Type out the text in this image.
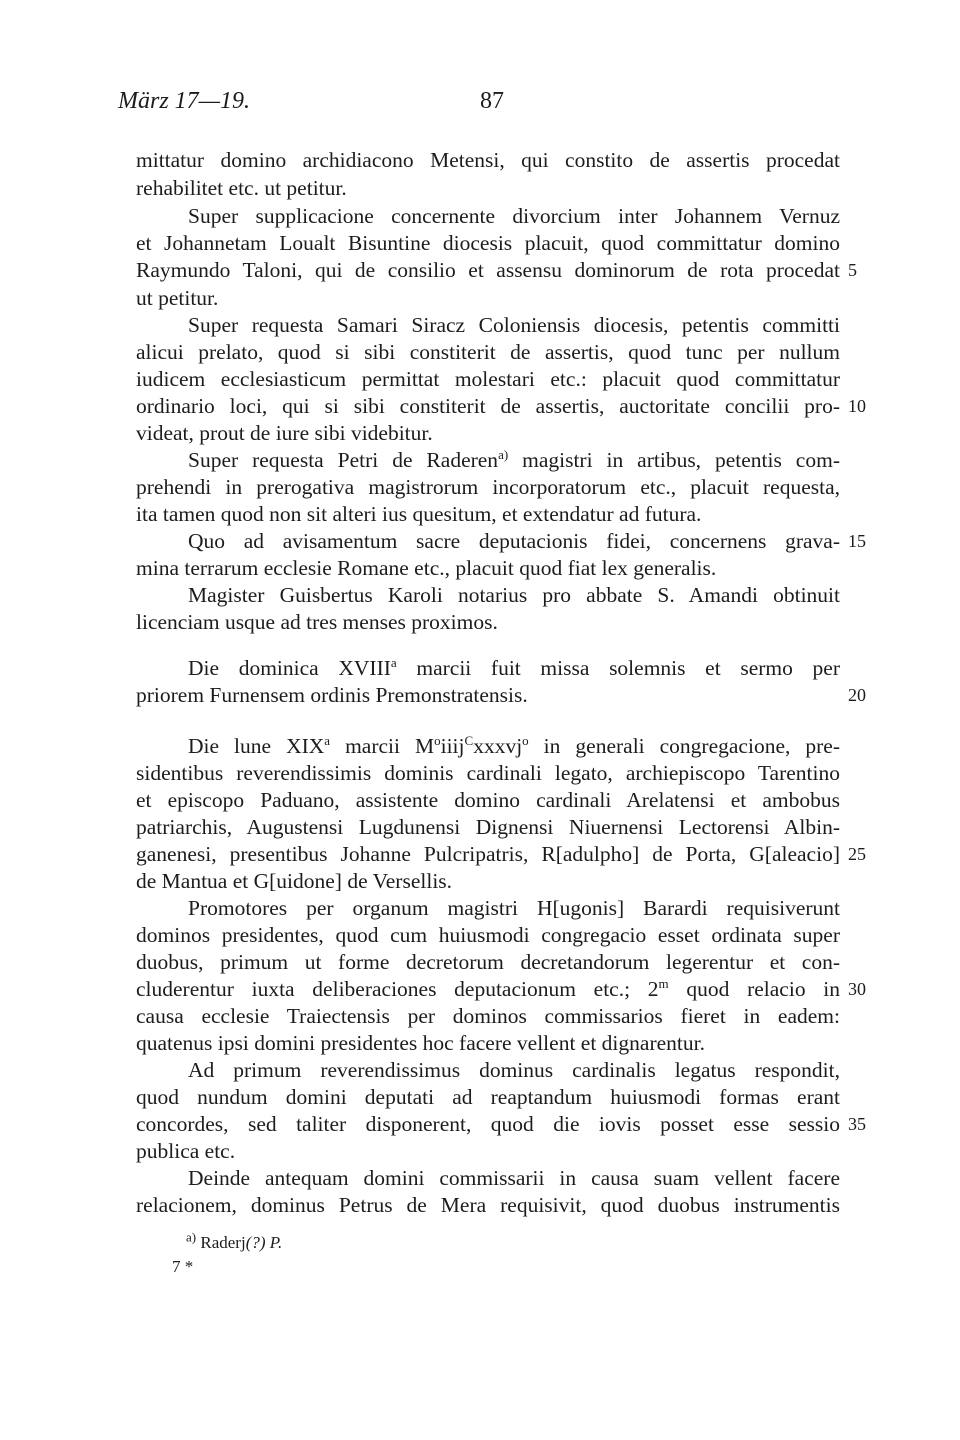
März 17—19.	87
mittatur domino archidiacono Metensi, qui constito de assertis procedat
rehabilitet etc. ut petitur.
Super supplicacione concernente divorcium inter Johannem Vernuz
et Johannetam Loualt Bisuntine diocesis placuit, quod committatur domino
Raymundo Taloni, qui de consilio et assensu dominorum de rota procedat
ut petitur.
Super requesta Samari Siracz Coloniensis diocesis, petentis committi
alicui prelato, quod si sibi constiterit de assertis, quod tunc per nullum
iudicem ecclesiasticum permittat molestari etc.: placuit quod committatur
ordinario loci, qui si sibi constiterit de assertis, auctoritate concilii pro-
videat, prout de iure sibi videbitur.
Super requesta Petri de Raderen$^{a)}$ magistri in artibus, petentis com-
prehendi in prerogativa magistrorum incorporatorum etc., placuit requesta,
ita tamen quod non sit alteri ius quesitum, et extendatur ad futura.
Quo ad avisamentum sacre deputacionis fidei, concernens grava-
mina terrarum ecclesie Romane etc., placuit quod fiat lex generalis.
Magister Guisbertus Karoli notarius pro abbate S. Amandi obtinuit
licenciam usque ad tres menses proximos.
Die dominica XVIII$^a$ marcii fuit missa solemnis et sermo per
priorem Furnensem ordinis Premonstratensis.
Die lune XIX$^a$ marcii $M^oiiij^Cxxxvj^o$ in generali congregacione, pre-
sidentibus reverendissimis dominis cardinali legato, archiepiscopo Tarentino
et episcopo Paduano, assistente domino cardinali Arelatensi et ambobus
patriarchis, Augustensi Lugdunensi Dignensi Niuernensi Lectorensi Albin-
ganenesi, presentibus Johanne Pulcripatris, R[adulpho] de Porta, G[aleacio]
de Mantua et G[uidone] de Versellis.
Promotores per organum magistri H[ugonis] Barardi requisiverunt
dominos presidentes, quod cum huiusmodi congregacio esset ordinata super
duobus, primum ut forme decretorum decretandorum legerentur et con-
cluderentur iuxta deliberaciones deputacionum etc.; 2$^m$ quod relacio in
causa ecclesie Traiectensis per dominos commissarios fieret in eadem:
quatenus ipsi domini presidentes hoc facere vellent et dignarentur.
Ad primum reverendissimus dominus cardinalis legatus respondit,
quod nundum domini deputati ad reaptandum huiusmodi formas erant
concordes, sed taliter disponerent, quod die iovis posset esse sessio
publica etc.
Deinde antequam domini commissarii in causa suam vellent facere
relacionem, dominus Petrus de Mera requisivit, quod duobus instrumentis
5
10
15
20
25
30
35
$^{a)}$ Raderj(?) P.
7 *
